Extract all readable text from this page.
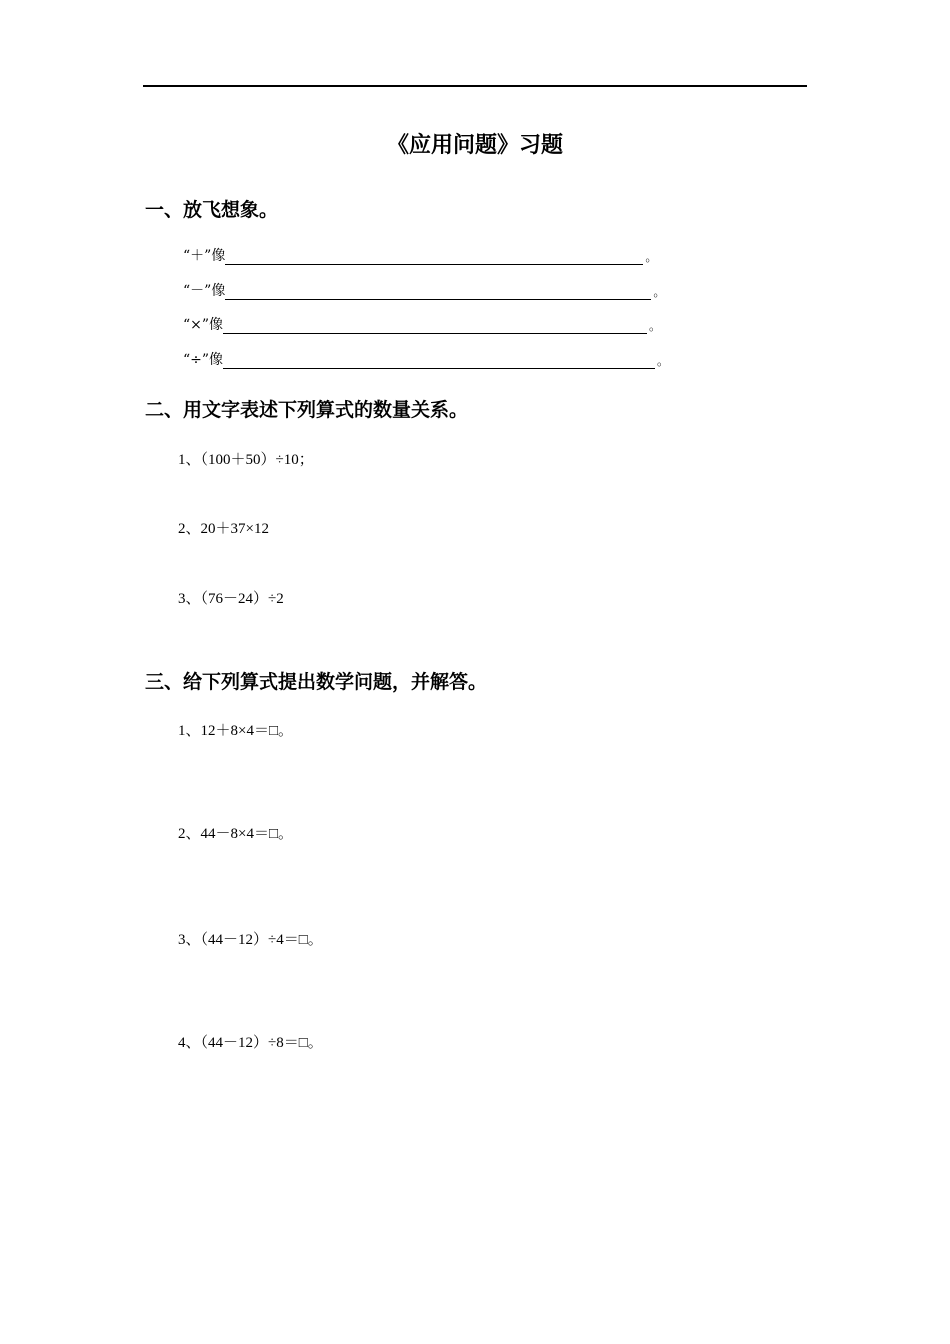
《应用问题》习题
一、放飞想象。
“＋”像	。
“－”像	。
“×”像	。
“÷”像	。
二、用文字表述下列算式的数量关系。
1、（100＋50）÷10；
2、20＋37×12
3、（76－24）÷2
三、给下列算式提出数学问题，并解答。
1、12＋8×4＝□。
2、44－8×4＝□。
3、（44－12）÷4＝□。
4、（44－12）÷8＝□。
